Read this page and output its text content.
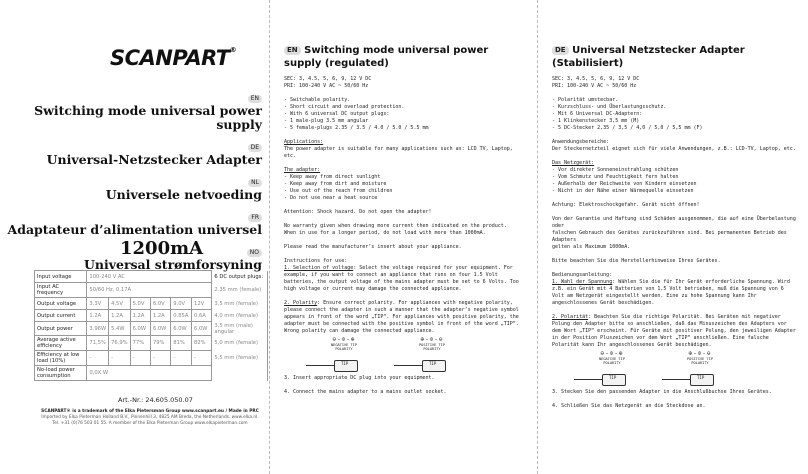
SCANPART®
EN
Switching mode universal power supply
DE
Universal-Netzstecker Adapter
NL
Universele netvoeding
FR
Adaptateur d’alimentation universel
NO
Universal strømforsyning
1200mA
Input voltage	100-240 V AC						6 DC output plugs:
Input AC frequency	50/60 Hz, 0,17A						2.35 mm (female)
Output voltage	3.3V	4.5V	5.0V	6.0V	9.0V	12V	3,5 mm (female)
Output current	1.2A	1.2A	1.2A	1.2A	0.85A	0.6A	4,0 mm (female)
Output power	3.96W	5.4W	6.0W	6.0W	6.0W	6.0W	3,5 mm (male) angular
Average active efficiency	71,5%	76,9%	77%	79%	81%	82%	5,0 mm (female)
Efficiency at low load (10%)	-	-	-	-	-	-	5,5 mm (female)
No-load power consumption	0,0X W						
Art.-Nr.: 24.605.050.07
SCANPART® is a trademark of the Elka Pietersman Group www.scanpart.eu / Made in PRC
Imported by Elka Pieterman Holland B.V., Pinnenhill 3, 4825 AM Breda, the Netherlands. www.elka.nl.
Tel. +31 (0)76 503 01 55. A member of the Elka Pieterman Group www.elkapieterman.com
EN Switching mode universal power supply (regulated)

SEC: 3, 4.5, 5, 6, 9, 12 V DC

PRI: 100-240 V AC ~ 50/60 Hz

- Switchable polarity.

- Short circuit and overload protection.

- With 6 universal DC output plugs:

- 1 male-plug 3.5 mm angular

- 5 female-plugs 2.35 / 3.5 / 4.0 / 5.0 / 5.5 mm

Applications:

The power adapter is suitable for many applications such as: LCD TV, Laptop, etc.

The adapter:

- Keep away from direct sunlight

- Keep away from dirt and moisture

- Use out of the reach from children

- Do not use near a heat source

Attention: Shock hazard. Do not open the adapter!

No warranty given when drawing more current then indicated on the product.

When in use for a longer period, do not load with more than 1000mA.

Please read the manufacturer’s insert about your appliance.

Instructions for use:

1. Selection of voltage: Select the voltage required for your equipment. For example, if you want to connect an appliance that runs on four 1.5 Volt batteries, the output voltage of the mains adapter must be set to 6 Volts. Too high voltage or current may damage the connected appliance.

2. Polarity: Ensure correct polarity. For appliances with negative polarity, please connect the adapter in such a manner that the adapter’s negative symbol appears in front of the word „TIP“. For appliances with positive polarity, the adapter must be connected with the positive symbol in front of the word „TIP“. Wrong polarity can damage the connected appliance.

⊖-⊙-⊕
NEGATIVE TIP POLARITY
TIP
⊕-⊙-⊖
POSITIVE TIP POLARITY
TIP

3. Insert appropriate DC plug into your equipment.

4. Connect the mains adapter to a mains outlet socket.

DE Universal Netzstecker Adapter (Stabilisiert)

SEC: 3, 4.5, 5, 6, 9, 12 V DC

PRI: 100-240 V AC ~ 50/60 Hz

- Polarität umstecbar.

- Kurzschluss- und Überlastungsschutz.

- Mit 6 Universal DC-Adaptern:

- 1 Klinkenstecker 3,5 mm (M)

- 5 DC-Stecker 2,35 / 3,5 / 4,0 / 5,0 / 5,5 mm (F)

Anwendungsbereiche:

Der Steckernetzteil eignet sich für viele Anwendungen, z.B.: LCD-TV, Laptop, etc.

Das Netzgerät:

- Vor direkter Sonneneinstrahlung schützen

- Vom Schmutz und Feuchtigkeit fern halten

- Außerhalb der Reichweite von Kindern einsetzen

- Nicht in der Nähe einer Wärmequelle einsetzen

Achtung: Elektroschockgefahr. Gerät nicht öffnen!

Von der Garantie und Haftung sind Schäden ausgenommen, die auf eine Überbelastung oder

falschen Gebrauch des Gerätes zurückzuführen sind. Bei permanenten Betrieb des Adapters

gelten als Maximum 1000mA.

Bitte beachten Sie die Herstellerhinweise Ihres Gerätes.

Bedienungsanleitung:

1. Wahl der Spannung: Wählen Sie die für Ihr Gerät erforderliche Spannung. Wird z.B. ein Gerät mit 4 Batterien von 1,5 Volt betrieben, muß die Spannung von 6 Volt am Netzgerät eingestellt werden. Eine zu hohe Spannung kann Ihr angeschlossenes Gerät beschädigen.

2. Polarität: Beachten Sie die richtige Polarität. Bei Geräten mit negativer Polung den Adapter bitte so anschließen, daß das Minuszeichen des Adapters vor dem Wort „TIP“ erscheint. Für Geräte mit positiver Polung, den jeweiligen Adapter in der Position Pluszeichen vor dem Wort „TIP“ anschließen. Eine falsche Polarität kann Ihr angeschlossenes Gerät beschädigen.

⊖-⊙-⊕
NEGATIVE TIP POLARITY
TIP
⊕-⊙-⊖
POSITIVE TIP POLARITY
TIP

3. Stecken Sie den passenden Adapter in die Anschlußbuchse Ihres Gerätes.

4. Schließen Sie das Netzgerät an die Steckdose an.
